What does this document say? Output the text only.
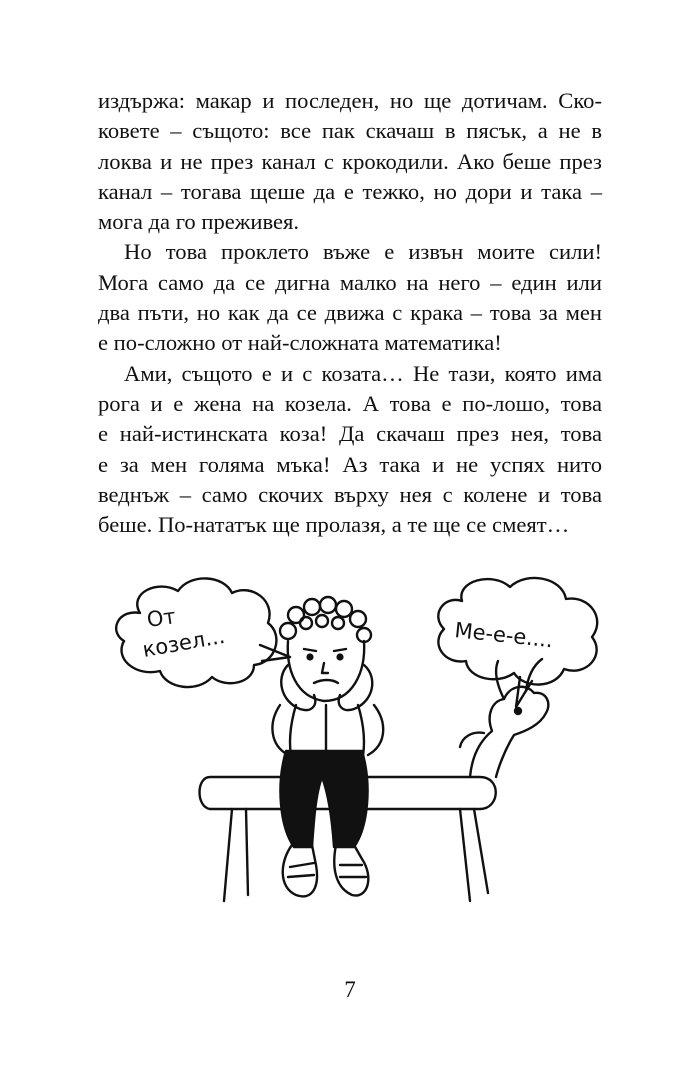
издържа: макар и последен, но ще дотичам. Ско-
ковете – същото: все пак скачаш в пясък, а не в
локва и не през канал с крокодили. Ако беше през
канал – тогава щеше да е тежко, но дори и така –
мога да го преживея.

Но това проклето въже е извън моите сили!
Мога само да се дигна малко на него – един или
два пъти, но как да се движа с крака – това за мен
е по-сложно от най-сложната математика!

Ами, същото е и с козата… Не тази, която има
рога и е жена на козела. А това е по-лошо, това
е най-истинската коза! Да скачаш през нея, това
е за мен голяма мъка! Аз така и не успях нито
веднъж – само скочих върху нея с колене и това
беше. По-нататък ще пролазя, а те ще се смеят…

От
козел...	Ме-е-е....
7
